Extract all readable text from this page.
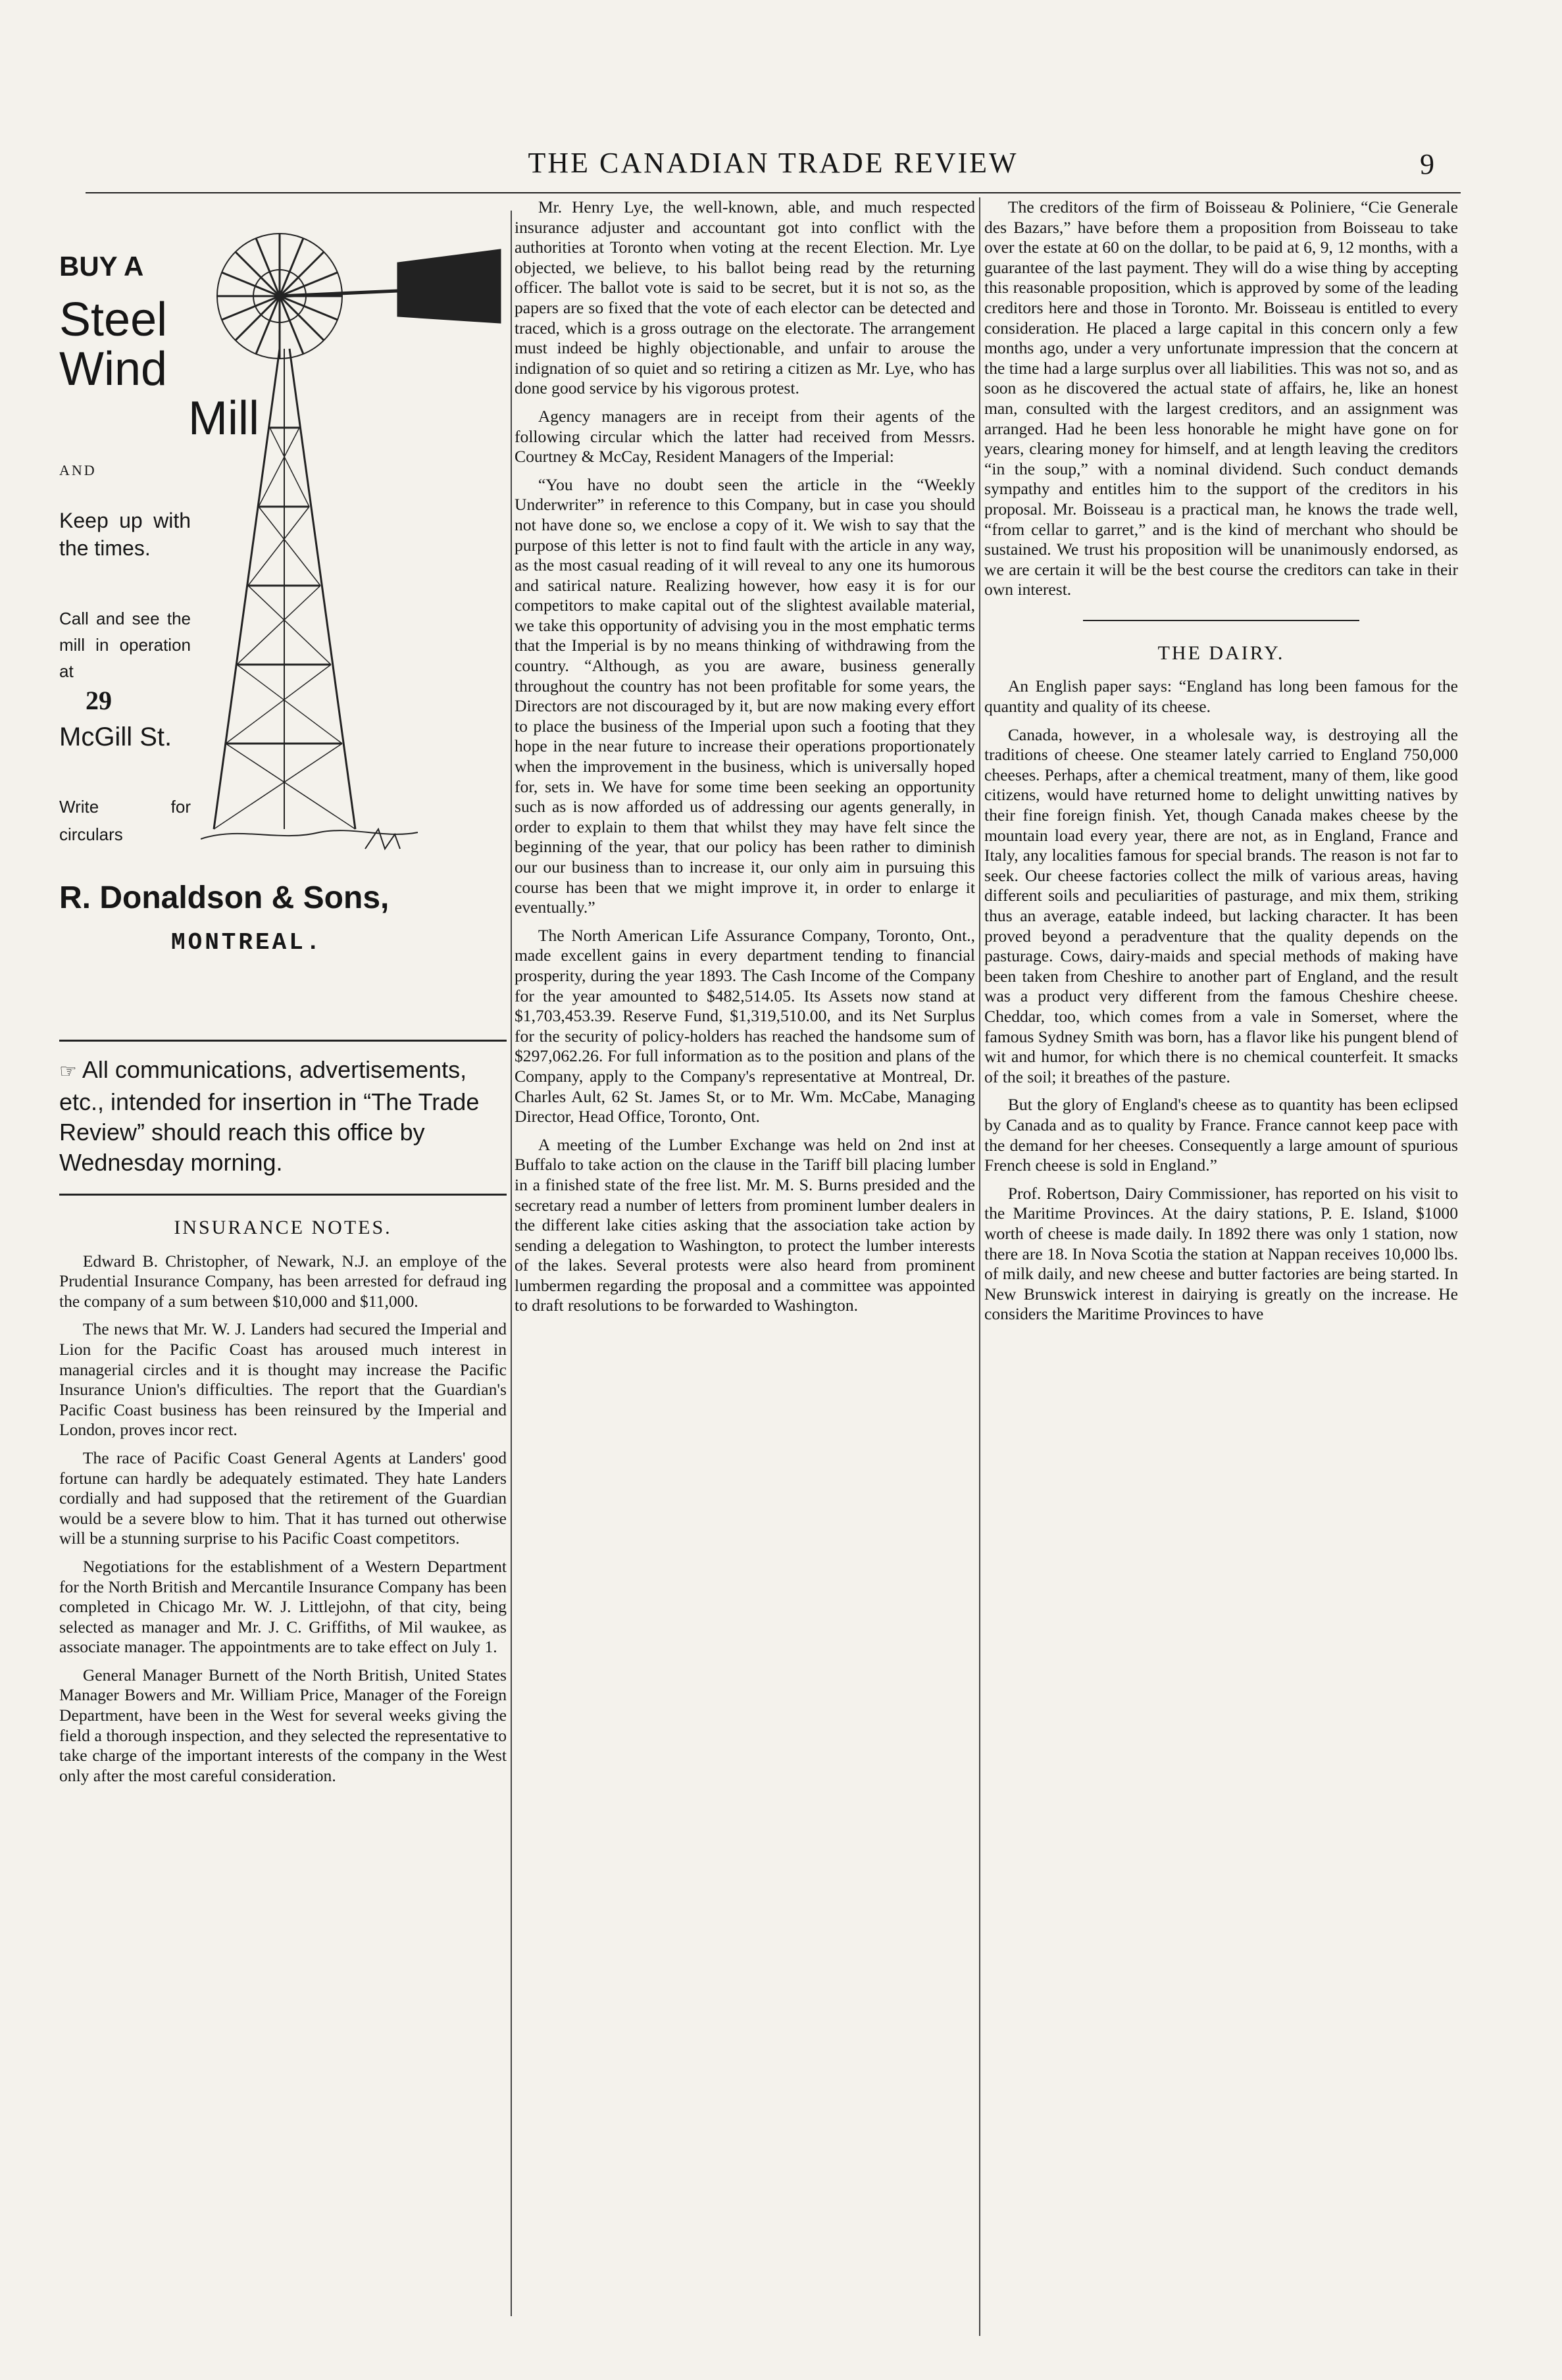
THE CANADIAN TRADE REVIEW	9
BUY A
Steel
Wind
Mill
AND
Keep up with the times.
Call and see the mill in operation at
29
McGill St.
Write for circulars
R. Donaldson & Sons,
MONTREAL.
☞ All communications, advertisements, etc., intended for insertion in “The Trade Review” should reach this office by Wednesday morning.
INSURANCE NOTES.

Edward B. Christopher, of Newark, N.J. an employe of the Prudential Insurance Company, has been arrested for defraud ing the company of a sum between $10,000 and $11,000.

The news that Mr. W. J. Landers had secured the Imperial and Lion for the Pacific Coast has aroused much interest in managerial circles and it is thought may increase the Pacific Insurance Union's difficulties. The report that the Guardian's Pacific Coast business has been reinsured by the Imperial and London, proves incor rect.

The race of Pacific Coast General Agents at Landers' good fortune can hardly be adequately estimated. They hate Landers cordially and had supposed that the retirement of the Guardian would be a severe blow to him. That it has turned out otherwise will be a stunning surprise to his Pacific Coast competitors.

Negotiations for the establishment of a Western Department for the North British and Mercantile Insurance Company has been completed in Chicago Mr. W. J. Littlejohn, of that city, being selected as manager and Mr. J. C. Griffiths, of Mil waukee, as associate manager. The appointments are to take effect on July 1.

General Manager Burnett of the North British, United States Manager Bowers and Mr. William Price, Manager of the Foreign Department, have been in the West for several weeks giving the field a thorough inspection, and they selected the representative to take charge of the important interests of the company in the West only after the most careful consideration.

Mr. Henry Lye, the well-known, able, and much respected insurance adjuster and accountant got into conflict with the authorities at Toronto when voting at the recent Election. Mr. Lye objected, we believe, to his ballot being read by the returning officer. The ballot vote is said to be secret, but it is not so, as the papers are so fixed that the vote of each elector can be detected and traced, which is a gross outrage on the electorate. The arrangement must indeed be highly objectionable, and unfair to arouse the indignation of so quiet and so retiring a citizen as Mr. Lye, who has done good service by his vigorous protest.

Agency managers are in receipt from their agents of the following circular which the latter had received from Messrs. Courtney & McCay, Resident Managers of the Imperial:

“You have no doubt seen the article in the “Weekly Underwriter” in reference to this Company, but in case you should not have done so, we enclose a copy of it. We wish to say that the purpose of this letter is not to find fault with the article in any way, as the most casual reading of it will reveal to any one its humorous and satirical nature. Realizing however, how easy it is for our competitors to make capital out of the slightest available material, we take this opportunity of advising you in the most emphatic terms that the Imperial is by no means thinking of withdrawing from the country. “Although, as you are aware, business generally throughout the country has not been profitable for some years, the Directors are not discouraged by it, but are now making every effort to place the business of the Imperial upon such a footing that they hope in the near future to increase their operations proportionately when the improvement in the business, which is universally hoped for, sets in. We have for some time been seeking an opportunity such as is now afforded us of addressing our agents generally, in order to explain to them that whilst they may have felt since the beginning of the year, that our policy has been rather to diminish our our business than to increase it, our only aim in pursuing this course has been that we might improve it, in order to enlarge it eventually.”

The North American Life Assurance Company, Toronto, Ont., made excellent gains in every department tending to financial prosperity, during the year 1893. The Cash Income of the Company for the year amounted to $482,514.05. Its Assets now stand at $1,703,453.39. Reserve Fund, $1,319,510.00, and its Net Surplus for the security of policy-holders has reached the handsome sum of $297,062.26. For full information as to the position and plans of the Company, apply to the Company's representative at Montreal, Dr. Charles Ault, 62 St. James St, or to Mr. Wm. McCabe, Managing Director, Head Office, Toronto, Ont.

A meeting of the Lumber Exchange was held on 2nd inst at Buffalo to take action on the clause in the Tariff bill placing lumber in a finished state of the free list. Mr. M. S. Burns presided and the secretary read a number of letters from prominent lumber dealers in the different lake cities asking that the association take action by sending a delegation to Washington, to protect the lumber interests of the lakes. Several protests were also heard from prominent lumbermen regarding the proposal and a committee was appointed to draft resolutions to be forwarded to Washington.

The creditors of the firm of Boisseau & Poliniere, “Cie Generale des Bazars,” have before them a proposition from Boisseau to take over the estate at 60 on the dollar, to be paid at 6, 9, 12 months, with a guarantee of the last payment. They will do a wise thing by accepting this reasonable proposition, which is approved by some of the leading creditors here and those in Toronto. Mr. Boisseau is entitled to every consideration. He placed a large capital in this concern only a few months ago, under a very unfortunate impression that the concern at the time had a large surplus over all liabilities. This was not so, and as soon as he discovered the actual state of affairs, he, like an honest man, consulted with the largest creditors, and an assignment was arranged. Had he been less honorable he might have gone on for years, clearing money for himself, and at length leaving the creditors “in the soup,” with a nominal dividend. Such conduct demands sympathy and entitles him to the support of the creditors in his proposal. Mr. Boisseau is a practical man, he knows the trade well, “from cellar to garret,” and is the kind of merchant who should be sustained. We trust his proposition will be unanimously endorsed, as we are certain it will be the best course the creditors can take in their own interest.

THE DAIRY.

An English paper says: “England has long been famous for the quantity and quality of its cheese.

Canada, however, in a wholesale way, is destroying all the traditions of cheese. One steamer lately carried to England 750,000 cheeses. Perhaps, after a chemical treatment, many of them, like good citizens, would have returned home to delight unwitting natives by their fine foreign finish. Yet, though Canada makes cheese by the mountain load every year, there are not, as in England, France and Italy, any localities famous for special brands. The reason is not far to seek. Our cheese factories collect the milk of various areas, having different soils and peculiarities of pasturage, and mix them, striking thus an average, eatable indeed, but lacking character. It has been proved beyond a peradventure that the quality depends on the pasturage. Cows, dairy-maids and special methods of making have been taken from Cheshire to another part of England, and the result was a product very different from the famous Cheshire cheese. Cheddar, too, which comes from a vale in Somerset, where the famous Sydney Smith was born, has a flavor like his pungent blend of wit and humor, for which there is no chemical counterfeit. It smacks of the soil; it breathes of the pasture.

But the glory of England's cheese as to quantity has been eclipsed by Canada and as to quality by France. France cannot keep pace with the demand for her cheeses. Consequently a large amount of spurious French cheese is sold in England.”

Prof. Robertson, Dairy Commissioner, has reported on his visit to the Maritime Provinces. At the dairy stations, P. E. Island, $1000 worth of cheese is made daily. In 1892 there was only 1 station, now there are 18. In Nova Scotia the station at Nappan receives 10,000 lbs. of milk daily, and new cheese and butter factories are being started. In New Brunswick interest in dairying is greatly on the increase. He considers the Maritime Provinces to have
